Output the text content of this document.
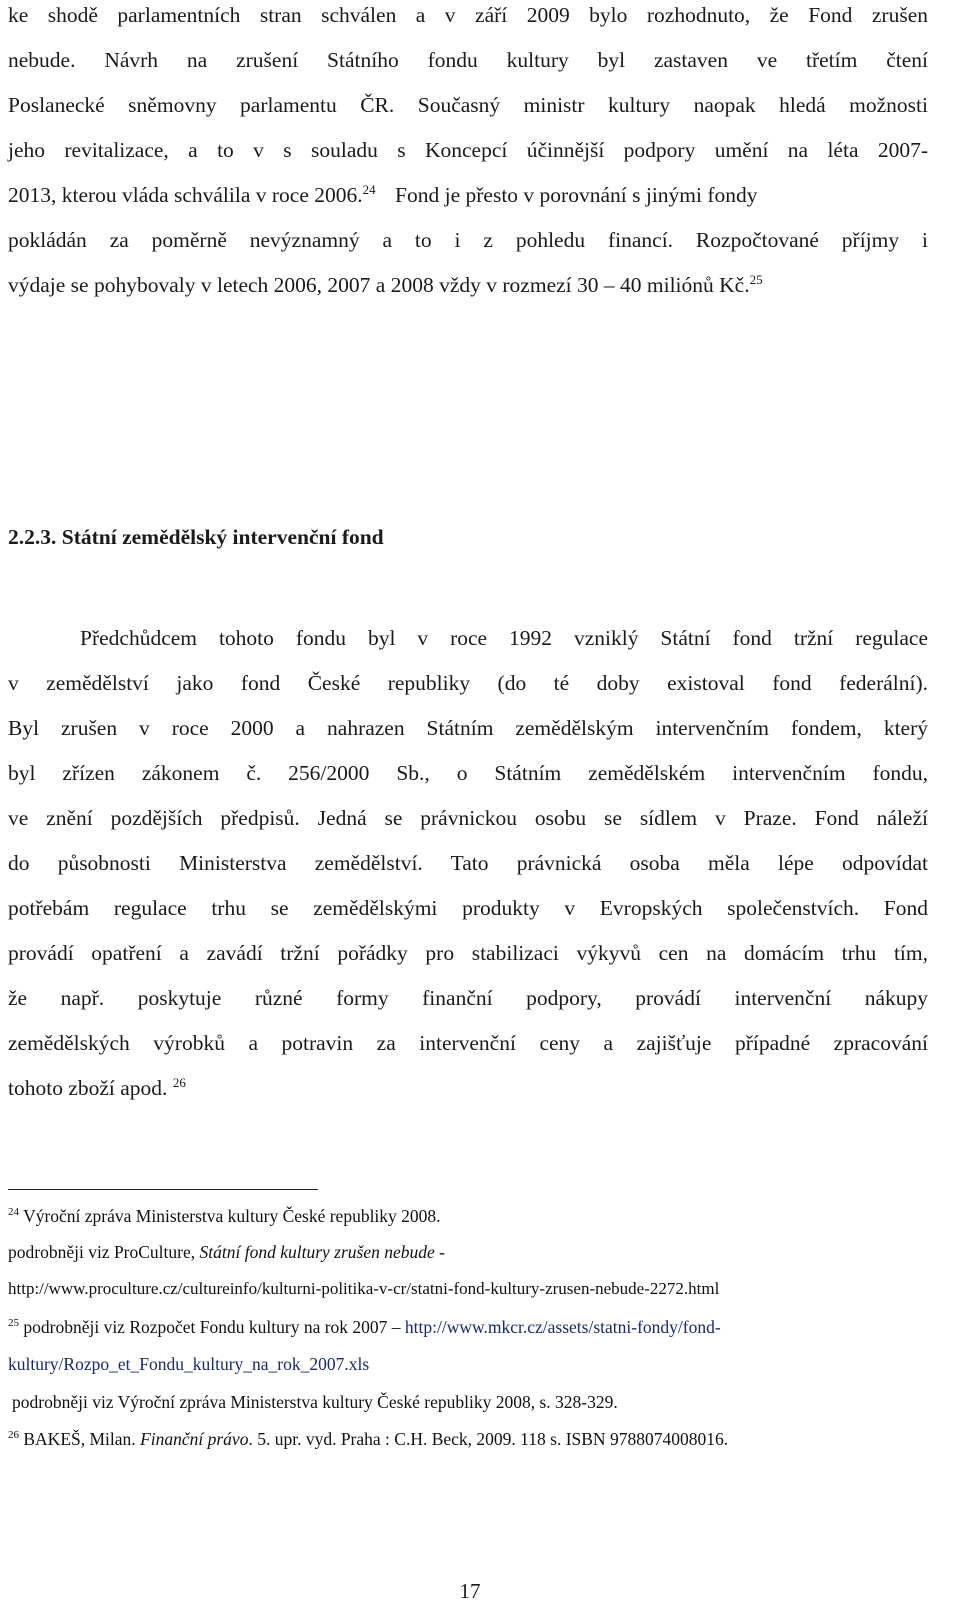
ke shodě parlamentních stran schválen a v září 2009 bylo rozhodnuto, že Fond zrušen
nebude. Návrh na zrušení Státního fondu kultury byl zastaven ve třetím čtení
Poslanecké sněmovny parlamentu ČR. Současný ministr kultury naopak hledá možnosti
jeho revitalizace, a to v s souladu s Koncepcí účinnější podpory umění na léta 2007-
2013, kterou vláda schválila v roce 2006.24 Fond je přesto v porovnání s jinými fondy
pokládán za poměrně nevýznamný a to i z pohledu financí. Rozpočtované příjmy i
výdaje se pohybovaly v letech 2006, 2007 a 2008 vždy v rozmezí 30 – 40 miliónů Kč.$^{25}$
2.2.3. Státní zemědělský intervenční fond
Předchůdcem tohoto fondu byl v roce 1992 vzniklý Státní fond tržní regulace
v zemědělství jako fond České republiky (do té doby existoval fond federální).
Byl zrušen v roce 2000 a nahrazen Státním zemědělským intervenčním fondem, který
byl zřízen zákonem č. 256/2000 Sb., o Státním zemědělském intervenčním fondu,
ve znění pozdějších předpisů. Jedná se právnickou osobu se sídlem v Praze. Fond náleží
do působnosti Ministerstva zemědělství. Tato právnická osoba měla lépe odpovídat
potřebám regulace trhu se zemědělskými produkty v Evropských společenstvích. Fond
provádí opatření a zavádí tržní pořádky pro stabilizaci výkyvů cen na domácím trhu tím,
že např. poskytuje různé formy finanční podpory, provádí intervenční nákupy
zemědělských výrobků a potravin za intervenční ceny a zajišťuje případné zpracování
tohoto zboží apod. $^{26}$
$^{24}$ Výroční zpráva Ministerstva kultury České republiky 2008.
podrobněji viz ProCulture, Státní fond kultury zrušen nebude -
http://www.proculture.cz/cultureinfo/kulturni-politika-v-cr/statni-fond-kultury-zrusen-nebude-2272.html
$^{25}$ podrobněji viz Rozpočet Fondu kultury na rok 2007 – http://www.mkcr.cz/assets/statni-fondy/fond-
kultury/Rozpo_et_Fondu_kultury_na_rok_2007.xls
podrobněji viz Výroční zpráva Ministerstva kultury České republiky 2008, s. 328-329.
$^{26}$ BAKEŠ, Milan. Finanční právo. 5. upr. vyd. Praha : C.H. Beck, 2009. 118 s. ISBN 9788074008016.
17
